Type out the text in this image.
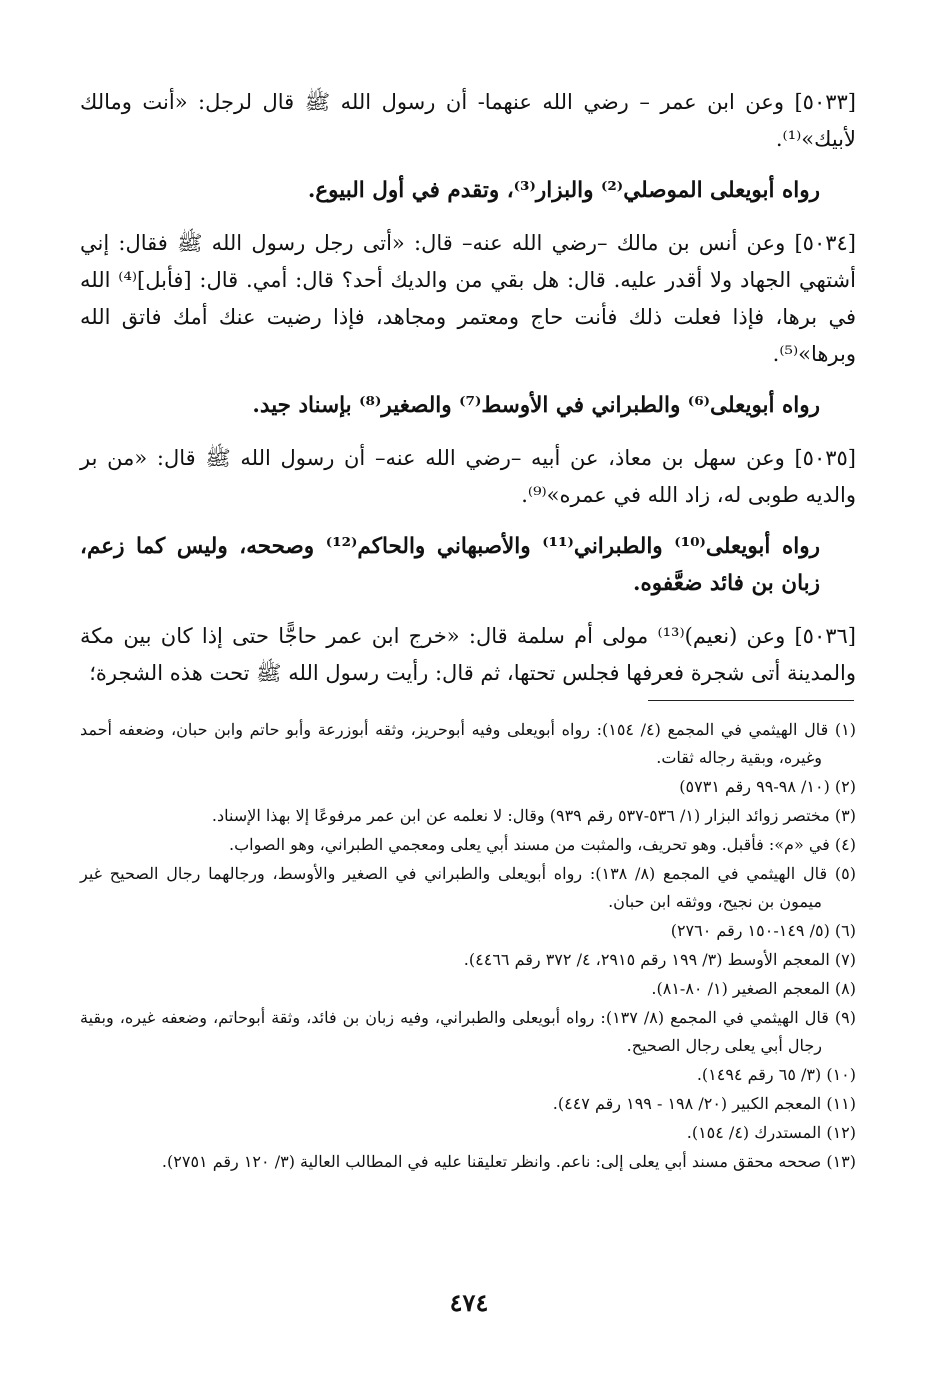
[٥٠٣٣] وعن ابن عمر – رضي الله عنهما- أن رسول الله ﷺ قال لرجل: «أنت ومالك لأبيك»⁽¹⁾.

رواه أبويعلى الموصلي⁽²⁾ والبزار⁽³⁾، وتقدم في أول البيوع.

[٥٠٣٤] وعن أنس بن مالك –رضي الله عنه– قال: «أتى رجل رسول الله ﷺ فقال: إني أشتهي الجهاد ولا أقدر عليه. قال: هل بقي من والديك أحد؟ قال: أمي. قال: [فأبل]⁽⁴⁾ الله في برها، فإذا فعلت ذلك فأنت حاج ومعتمر ومجاهد، فإذا رضيت عنك أمك فاتق الله وبرها»⁽⁵⁾.

رواه أبويعلى⁽⁶⁾ والطبراني في الأوسط⁽⁷⁾ والصغير⁽⁸⁾ بإسناد جيد.

[٥٠٣٥] وعن سهل بن معاذ، عن أبيه –رضي الله عنه– أن رسول الله ﷺ قال: «من بر والديه طوبى له، زاد الله في عمره»⁽⁹⁾.

رواه أبويعلى⁽¹⁰⁾ والطبراني⁽¹¹⁾ والأصبهاني والحاكم⁽¹²⁾ وصححه، وليس كما زعم، زبان بن فائد ضعَّفوه.

[٥٠٣٦] وعن (نعيم)⁽¹³⁾ مولى أم سلمة قال: «خرج ابن عمر حاجًّا حتى إذا كان بين مكة والمدينة أتى شجرة فعرفها فجلس تحتها، ثم قال: رأيت رسول الله ﷺ تحت هذه الشجرة؛

(١) قال الهيثمي في المجمع (٤/ ١٥٤): رواه أبويعلى وفيه أبوحريز، وثقه أبوزرعة وأبو حاتم وابن حبان، وضعفه أحمد وغيره، وبقية رجاله ثقات.
(٢) (١٠/ ٩٨-٩٩ رقم ٥٧٣١)
(٣) مختصر زوائد البزار (١/ ٥٣٦-٥٣٧ رقم ٩٣٩) وقال: لا نعلمه عن ابن عمر مرفوعًا إلا بهذا الإسناد.
(٤) في «م»: فأقبل. وهو تحريف، والمثبت من مسند أبي يعلى ومعجمي الطبراني، وهو الصواب.
(٥) قال الهيثمي في المجمع (٨/ ١٣٨): رواه أبويعلى والطبراني في الصغير والأوسط، ورجالهما رجال الصحيح غير ميمون بن نجيح، ووثقه ابن حبان.
(٦) (٥/ ١٤٩-١٥٠ رقم ٢٧٦٠)
(٧) المعجم الأوسط (٣/ ١٩٩ رقم ٢٩١٥، ٤/ ٣٧٢ رقم ٤٤٦٦).
(٨) المعجم الصغير (١/ ٨٠-٨١).
(٩) قال الهيثمي في المجمع (٨/ ١٣٧): رواه أبويعلى والطبراني، وفيه زبان بن فائد، وثقة أبوحاتم، وضعفه غيره، وبقية رجال أبي يعلى رجال الصحيح.
(١٠) (٣/ ٦٥ رقم ١٤٩٤).
(١١) المعجم الكبير (٢٠/ ١٩٨ - ١٩٩ رقم ٤٤٧).
(١٢) المستدرك (٤/ ١٥٤).
(١٣) صححه محقق مسند أبي يعلى إلى: ناعم. وانظر تعليقنا عليه في المطالب العالية (٣/ ١٢٠ رقم ٢٧٥١).
٤٧٤
